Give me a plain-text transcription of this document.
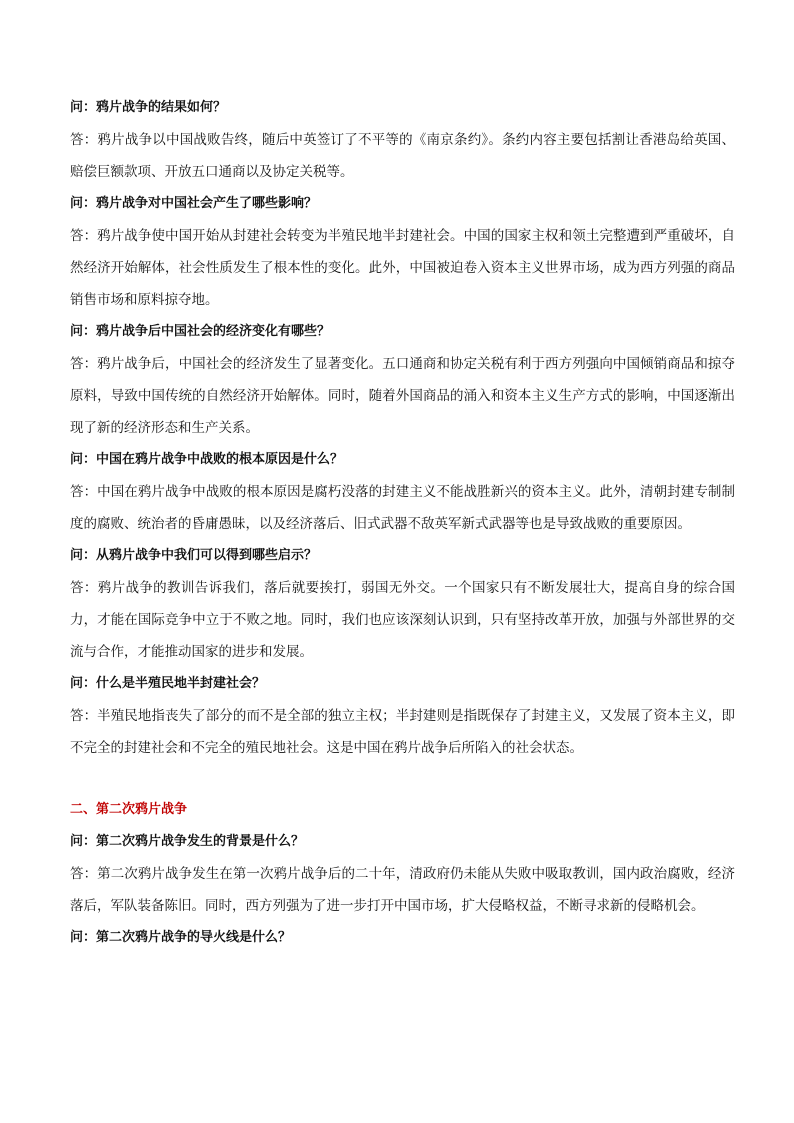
问：鸦片战争的结果如何？

答：鸦片战争以中国战败告终，随后中英签订了不平等的《南京条约》。条约内容主要包括割让香港岛给英国、赔偿巨额款项、开放五口通商以及协定关税等。

问：鸦片战争对中国社会产生了哪些影响？

答：鸦片战争使中国开始从封建社会转变为半殖民地半封建社会。中国的国家主权和领土完整遭到严重破坏，自然经济开始解体，社会性质发生了根本性的变化。此外，中国被迫卷入资本主义世界市场，成为西方列强的商品销售市场和原料掠夺地。

问：鸦片战争后中国社会的经济变化有哪些？

答：鸦片战争后，中国社会的经济发生了显著变化。五口通商和协定关税有利于西方列强向中国倾销商品和掠夺原料，导致中国传统的自然经济开始解体。同时，随着外国商品的涌入和资本主义生产方式的影响，中国逐渐出现了新的经济形态和生产关系。

问：中国在鸦片战争中战败的根本原因是什么？

答：中国在鸦片战争中战败的根本原因是腐朽没落的封建主义不能战胜新兴的资本主义。此外，清朝封建专制制度的腐败、统治者的昏庸愚昧，以及经济落后、旧式武器不敌英军新式武器等也是导致战败的重要原因。

问：从鸦片战争中我们可以得到哪些启示？

答：鸦片战争的教训告诉我们，落后就要挨打，弱国无外交。一个国家只有不断发展壮大，提高自身的综合国力，才能在国际竞争中立于不败之地。同时，我们也应该深刻认识到，只有坚持改革开放，加强与外部世界的交流与合作，才能推动国家的进步和发展。

问：什么是半殖民地半封建社会？

答：半殖民地指丧失了部分的而不是全部的独立主权；半封建则是指既保存了封建主义，又发展了资本主义，即不完全的封建社会和不完全的殖民地社会。这是中国在鸦片战争后所陷入的社会状态。

二、第二次鸦片战争

问：第二次鸦片战争发生的背景是什么？

答：第二次鸦片战争发生在第一次鸦片战争后的二十年，清政府仍未能从失败中吸取教训，国内政治腐败，经济落后，军队装备陈旧。同时，西方列强为了进一步打开中国市场，扩大侵略权益，不断寻求新的侵略机会。

问：第二次鸦片战争的导火线是什么？
